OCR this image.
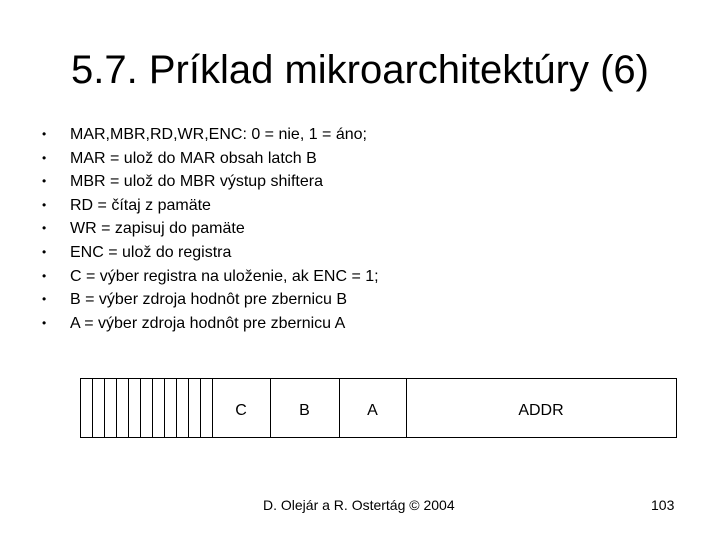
5.7. Príklad mikroarchitektúry (6)
• MAR,MBR,RD,WR,ENC: 0 = nie, 1 = áno;
• MAR = ulož do MAR obsah latch B
• MBR = ulož do MBR výstup shiftera
• RD = čítaj z pamäte
• WR = zapisuj do pamäte
• ENC = ulož do registra
• C = výber registra na uloženie, ak ENC = 1;
• B = výber zdroja hodnôt pre zbernicu B
• A = výber zdroja hodnôt pre zbernicu A
C	B	A	ADDR
D. Olejár a R. Ostertág © 2004	103
